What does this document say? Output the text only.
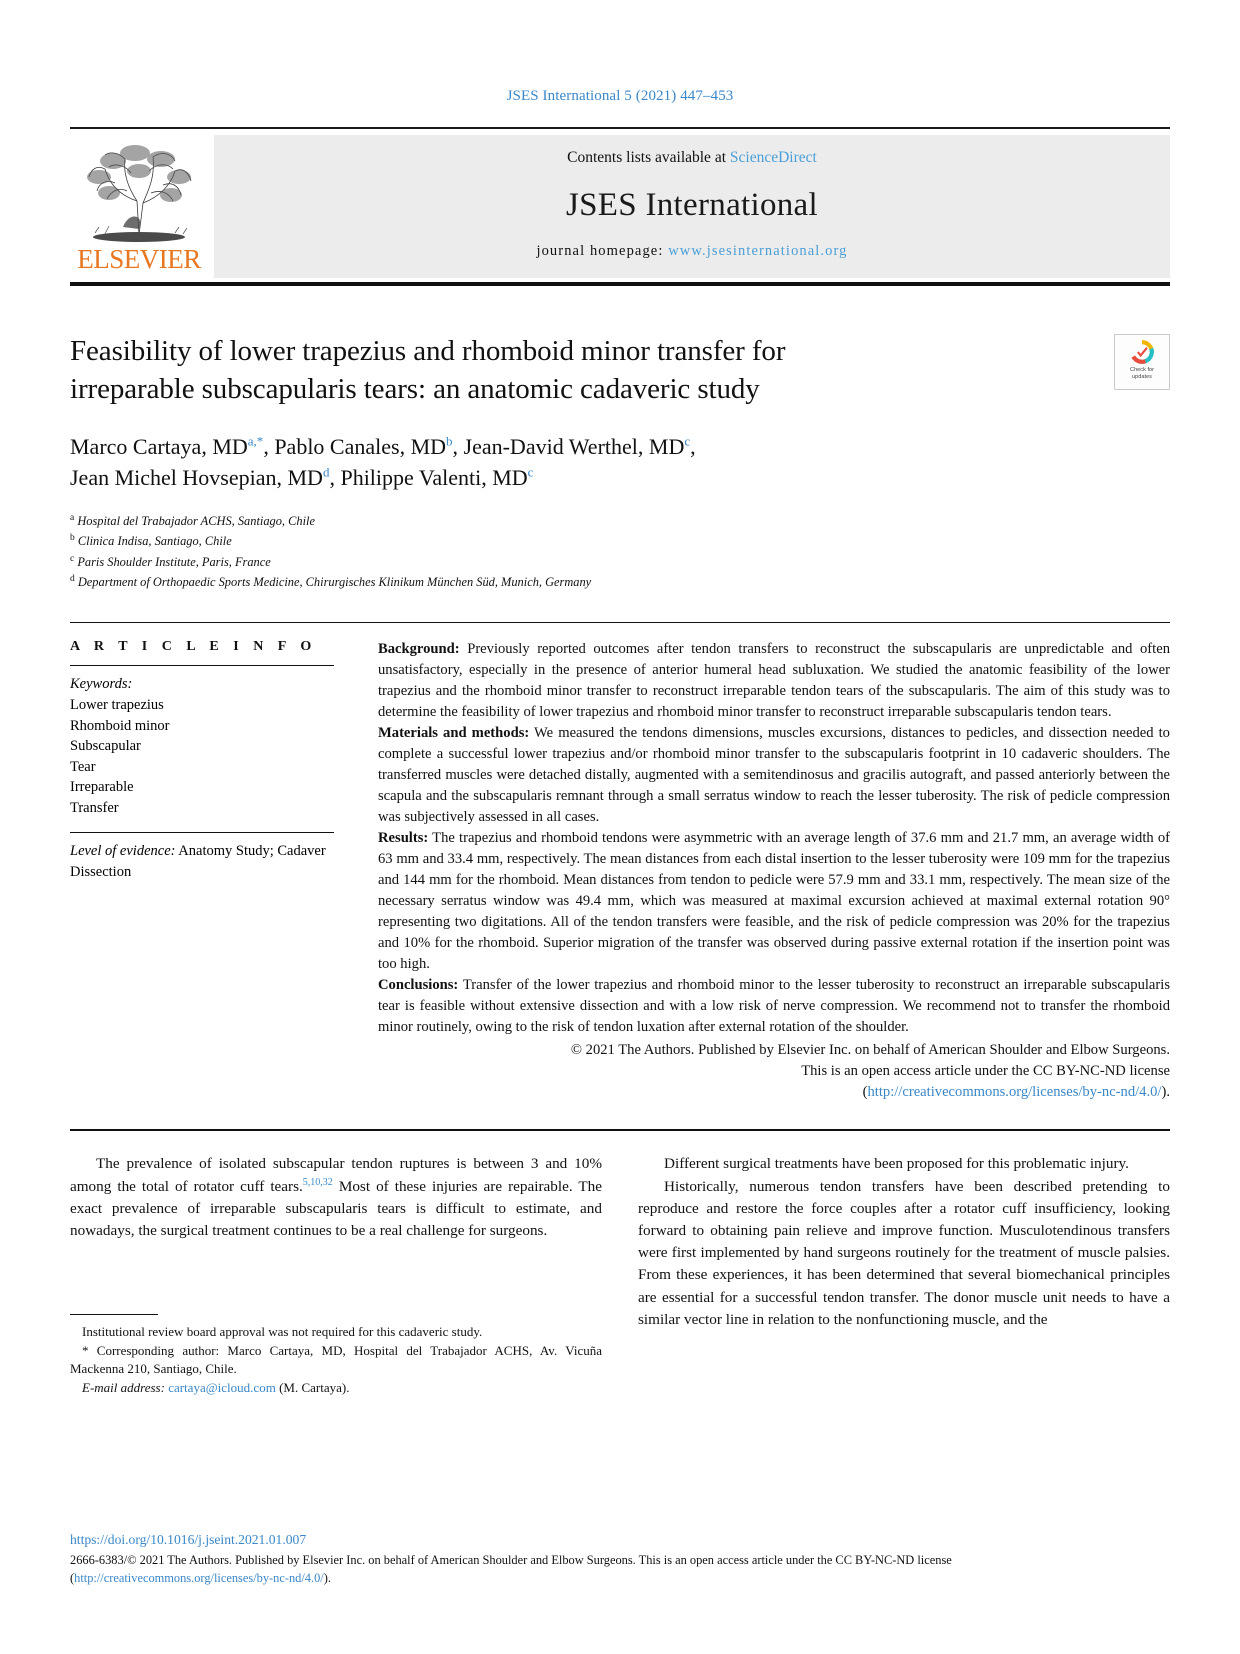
JSES International 5 (2021) 447–453
ELSEVIER
Contents lists available at ScienceDirect
JSES International
journal homepage: www.jsesinternational.org
Check for
updates
Feasibility of lower trapezius and rhomboid minor transfer for irreparable subscapularis tears: an anatomic cadaveric study
Marco Cartaya, $MD^{a,*}$, Pablo Canales, $MD^b$, Jean-David Werthel, $MD^c$,
Jean Michel Hovsepian, $MD^d$, Philippe Valenti, $MD^c$
$^a$ Hospital del Trabajador ACHS, Santiago, Chile
$^b$ Clinica Indisa, Santiago, Chile
$^c$ Paris Shoulder Institute, Paris, France
$^d$ Department of Orthopaedic Sports Medicine, Chirurgisches Klinikum München Süd, Munich, Germany
A R T I C L E I N F O
Keywords:
Lower trapezius
Rhomboid minor
Subscapular
Tear
Irreparable
Transfer
Level of evidence: Anatomy Study; Cadaver Dissection

Background: Previously reported outcomes after tendon transfers to reconstruct the subscapularis are unpredictable and often unsatisfactory, especially in the presence of anterior humeral head subluxation. We studied the anatomic feasibility of the lower trapezius and the rhomboid minor transfer to reconstruct irreparable tendon tears of the subscapularis. The aim of this study was to determine the feasibility of lower trapezius and rhomboid minor transfer to reconstruct irreparable subscapularis tendon tears.

Materials and methods: We measured the tendons dimensions, muscles excursions, distances to pedicles, and dissection needed to complete a successful lower trapezius and/or rhomboid minor transfer to the subscapularis footprint in 10 cadaveric shoulders. The transferred muscles were detached distally, augmented with a semitendinosus and gracilis autograft, and passed anteriorly between the scapula and the subscapularis remnant through a small serratus window to reach the lesser tuberosity. The risk of pedicle compression was subjectively assessed in all cases.

Results: The trapezius and rhomboid tendons were asymmetric with an average length of 37.6 mm and 21.7 mm, an average width of 63 mm and 33.4 mm, respectively. The mean distances from each distal insertion to the lesser tuberosity were 109 mm for the trapezius and 144 mm for the rhomboid. Mean distances from tendon to pedicle were 57.9 mm and 33.1 mm, respectively. The mean size of the necessary serratus window was 49.4 mm, which was measured at maximal excursion achieved at maximal external rotation 90° representing two digitations. All of the tendon transfers were feasible, and the risk of pedicle compression was 20% for the trapezius and 10% for the rhomboid. Superior migration of the transfer was observed during passive external rotation if the insertion point was too high.

Conclusions: Transfer of the lower trapezius and rhomboid minor to the lesser tuberosity to reconstruct an irreparable subscapularis tear is feasible without extensive dissection and with a low risk of nerve compression. We recommend not to transfer the rhomboid minor routinely, owing to the risk of tendon luxation after external rotation of the shoulder.

© 2021 The Authors. Published by Elsevier Inc. on behalf of American Shoulder and Elbow Surgeons.
This is an open access article under the CC BY-NC-ND license
(http://creativecommons.org/licenses/by-nc-nd/4.0/).

The prevalence of isolated subscapular tendon ruptures is between 3 and 10% among the total of rotator cuff tears.$^{5,10,32}$ Most of these injuries are repairable. The exact prevalence of irreparable subscapularis tears is difficult to estimate, and nowadays, the surgical treatment continues to be a real challenge for surgeons.

Institutional review board approval was not required for this cadaveric study.

* Corresponding author: Marco Cartaya, MD, Hospital del Trabajador ACHS, Av. Vicuña Mackenna 210, Santiago, Chile.

E-mail address: cartaya@icloud.com (M. Cartaya).

Different surgical treatments have been proposed for this problematic injury.

Historically, numerous tendon transfers have been described pretending to reproduce and restore the force couples after a rotator cuff insufficiency, looking forward to obtaining pain relieve and improve function. Musculotendinous transfers were first implemented by hand surgeons routinely for the treatment of muscle palsies. From these experiences, it has been determined that several biomechanical principles are essential for a successful tendon transfer. The donor muscle unit needs to have a similar vector line in relation to the nonfunctioning muscle, and the

https://doi.org/10.1016/j.jseint.2021.01.007
2666-6383/© 2021 The Authors. Published by Elsevier Inc. on behalf of American Shoulder and Elbow Surgeons. This is an open access article under the CC BY-NC-ND license
(http://creativecommons.org/licenses/by-nc-nd/4.0/).
